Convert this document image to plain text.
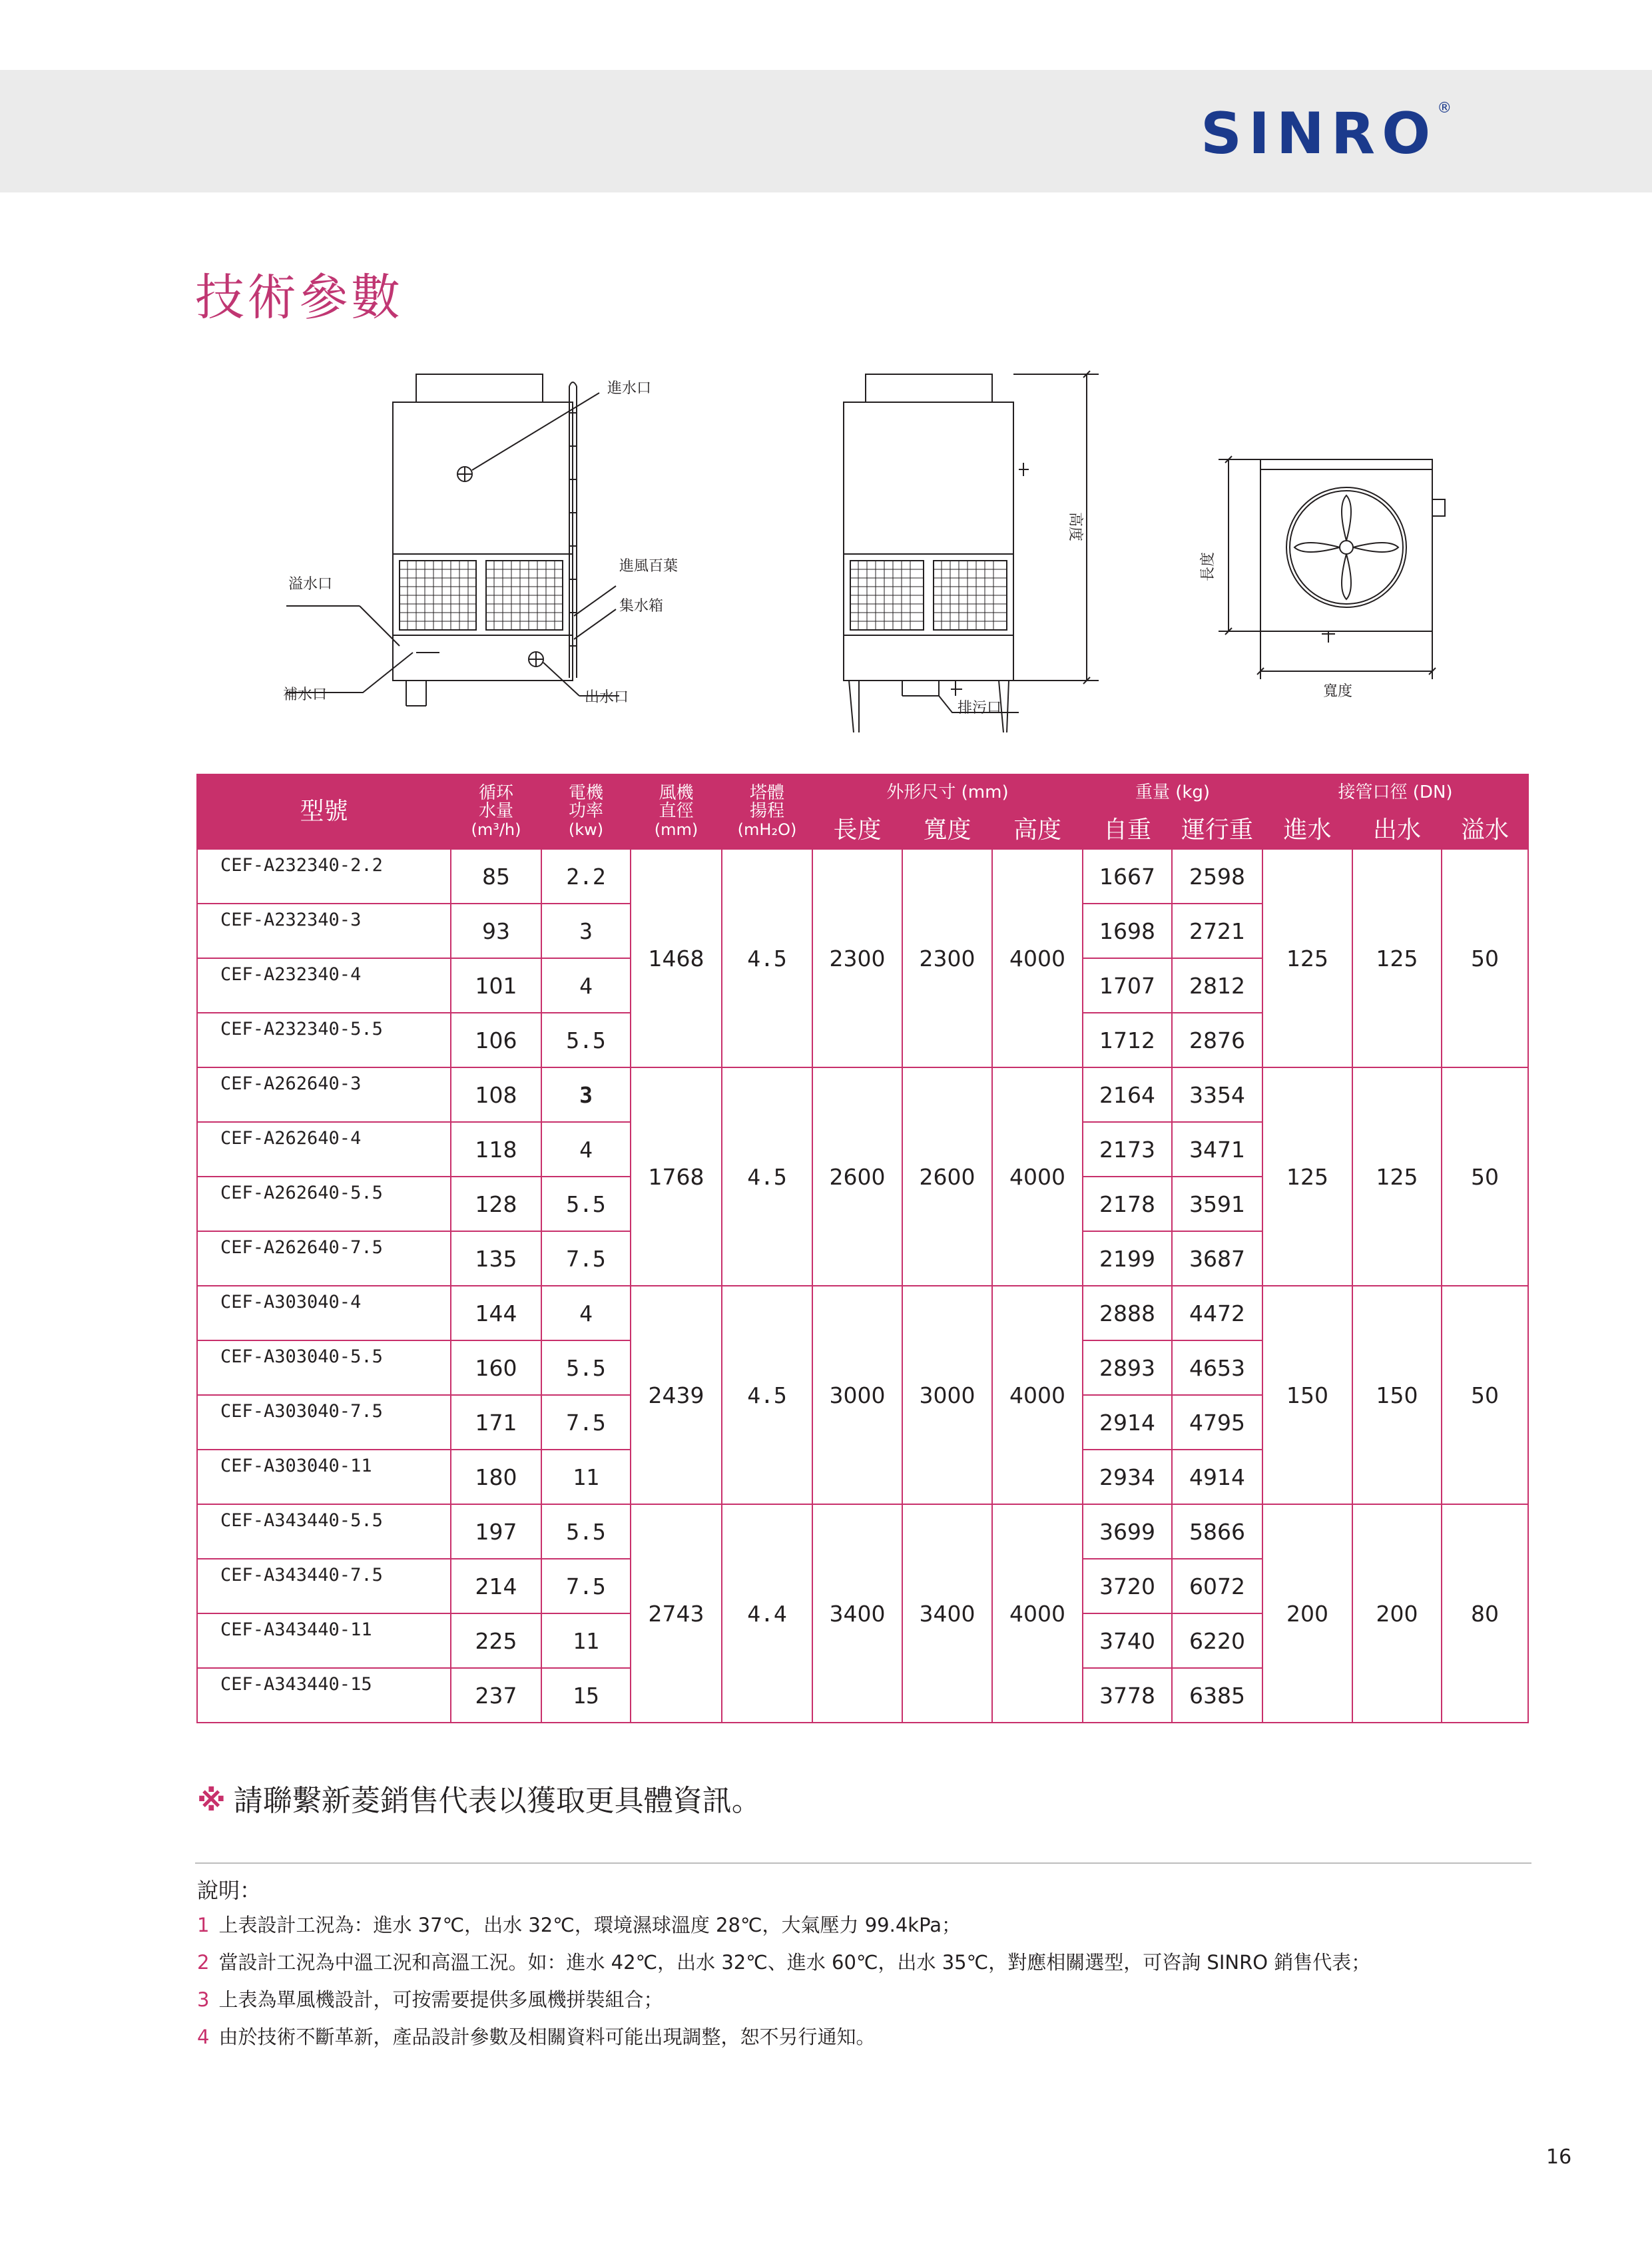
SINRO®
技術參數
進水口
溢水口
進風百葉
集水箱
補水口	出水口
排污口
高度
長度
寬度
型號	循环
水量
(m³/h)	電機
功率
(kw)	風機
直徑
(mm)	塔體
揚程
(mH₂O)	外形尺寸 (mm)			重量 (kg)		接管口徑 (DN)		
					長度	寬度	高度	自重	運行重	進水	出水	溢水
CEF-A232340-2.2	85	2.2	1468	4.5	2300	2300	4000	1667	2598	125	125	50
CEF-A232340-3	93	3						1698	2721			
CEF-A232340-4	101	4						1707	2812			
CEF-A232340-5.5	106	5.5						1712	2876			
CEF-A262640-3	108	3	1768	4.5	2600	2600	4000	2164	3354	125	125	50
CEF-A262640-4	118	4						2173	3471			
CEF-A262640-5.5	128	5.5						2178	3591			
CEF-A262640-7.5	135	7.5						2199	3687			
CEF-A303040-4	144	4	2439	4.5	3000	3000	4000	2888	4472	150	150	50
CEF-A303040-5.5	160	5.5						2893	4653			
CEF-A303040-7.5	171	7.5						2914	4795			
CEF-A303040-11	180	11						2934	4914			
CEF-A343440-5.5	197	5.5	2743	4.4	3400	3400	4000	3699	5866	200	200	80
CEF-A343440-7.5	214	7.5						3720	6072			
CEF-A343440-11	225	11						3740	6220			
CEF-A343440-15	237	15						3778	6385			
※ 請聯繫新菱銷售代表以獲取更具體資訊。
說明：
1 上表設計工況為：進水 37℃，出水 32℃，環境濕球溫度 28℃，大氣壓力 99.4kPa；
2 當設計工況為中溫工況和高溫工況。如：進水 42℃，出水 32℃、進水 60℃，出水 35℃，對應相關選型，可咨詢 SINRO 銷售代表；
3 上表為單風機設計，可按需要提供多風機拼裝組合；
4 由於技術不斷革新，產品設計參數及相關資料可能出現調整，恕不另行通知。
16
